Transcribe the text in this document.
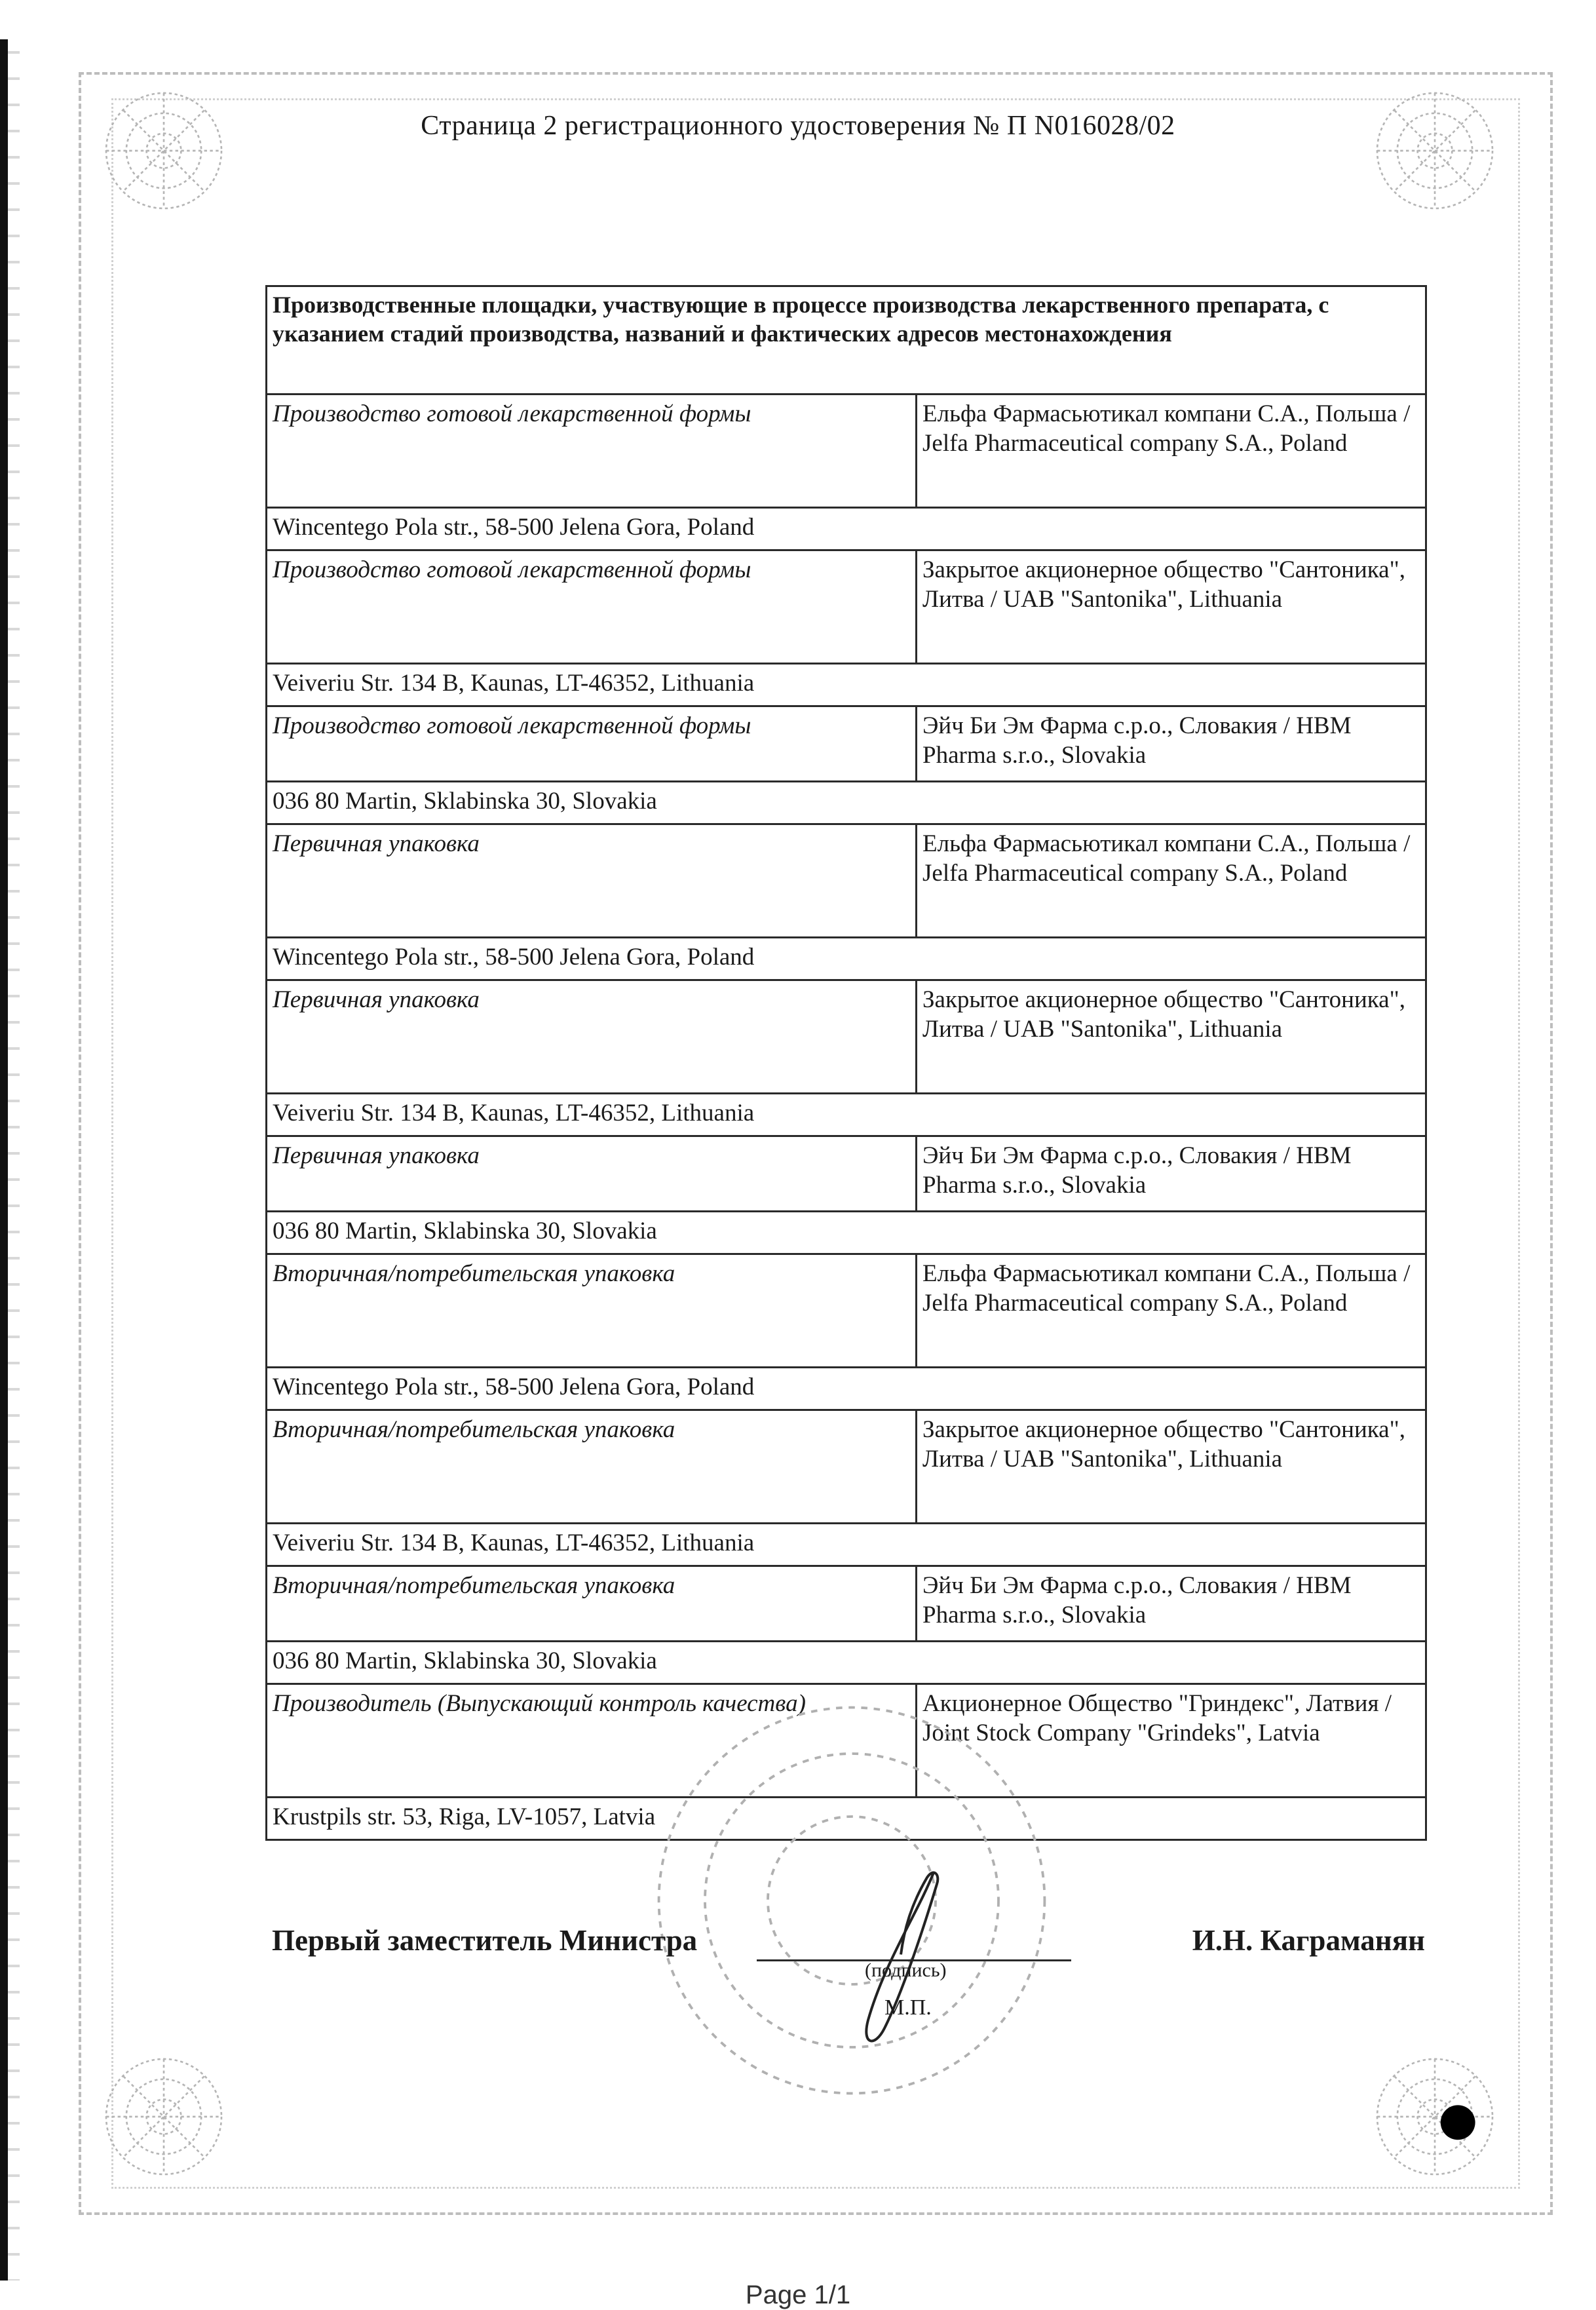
Страница 2 регистрационного удостоверения № П N016028/02
Производственные площадки, участвующие в процессе производства лекарственного препарата, с указанием стадий производства, названий и фактических адресов местонахождения	
Производство готовой лекарственной формы	Ельфа Фармасьютикал компани С.А., Польша / Jelfa Pharmaceutical company S.A., Poland
Wincentego Pola str., 58-500 Jelena Gora, Poland	
Производство готовой лекарственной формы	Закрытое акционерное общество "Сантоника", Литва / UAB "Santonika", Lithuania
Veiveriu Str. 134 B, Kaunas, LT-46352, Lithuania	
Производство готовой лекарственной формы	Эйч Би Эм Фарма с.р.о., Словакия / HBM Pharma s.r.o., Slovakia
036 80 Martin, Sklabinska 30, Slovakia	
Первичная упаковка	Ельфа Фармасьютикал компани С.А., Польша / Jelfa Pharmaceutical company S.A., Poland
Wincentego Pola str., 58-500 Jelena Gora, Poland	
Первичная упаковка	Закрытое акционерное общество "Сантоника", Литва / UAB "Santonika", Lithuania
Veiveriu Str. 134 B, Kaunas, LT-46352, Lithuania	
Первичная упаковка	Эйч Би Эм Фарма с.р.о., Словакия / HBM Pharma s.r.o., Slovakia
036 80 Martin, Sklabinska 30, Slovakia	
Вторичная/потребительская упаковка	Ельфа Фармасьютикал компани С.А., Польша / Jelfa Pharmaceutical company S.A., Poland
Wincentego Pola str., 58-500 Jelena Gora, Poland	
Вторичная/потребительская упаковка	Закрытое акционерное общество "Сантоника", Литва / UAB "Santonika", Lithuania
Veiveriu Str. 134 B, Kaunas, LT-46352, Lithuania	
Вторичная/потребительская упаковка	Эйч Би Эм Фарма с.р.о., Словакия / HBM Pharma s.r.o., Slovakia
036 80 Martin, Sklabinska 30, Slovakia	
Производитель (Выпускающий контроль качества)	Акционерное Общество "Гриндекс", Латвия / Joint Stock Company "Grindeks", Latvia
Krustpils str. 53, Riga, LV-1057, Latvia	
Первый заместитель Министра
(подпись)
М.П.
И.Н. Каграманян
Page 1/1
